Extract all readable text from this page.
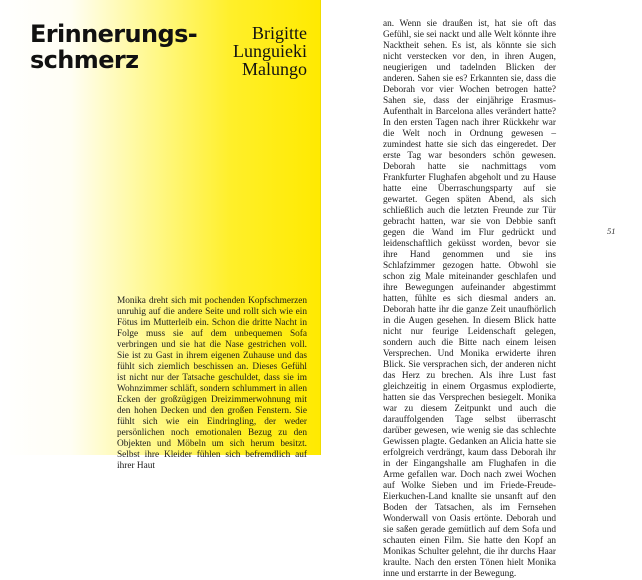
Erinnerungs-
schmerz
Brigitte
Lunguieki
Malungo
Monika dreht sich mit pochenden Kopfschmerzen unruhig auf die andere Seite und rollt sich wie ein Fötus im Mutterleib ein. Schon die dritte Nacht in Folge muss sie auf dem unbequemen Sofa verbringen und sie hat die Nase gestrichen voll. Sie ist zu Gast in ihrem eigenen Zuhause und das fühlt sich ziemlich beschissen an. Dieses Gefühl ist nicht nur der Tatsache geschuldet, dass sie im Wohnzimmer schläft, sondern schlummert in allen Ecken der großzügigen Dreizimmerwohnung mit den hohen Decken und den großen Fenstern. Sie fühlt sich wie ein Eindringling, der weder persönlichen noch emotionalen Bezug zu den Objekten und Möbeln um sich herum besitzt. Selbst ihre Kleider fühlen sich befremdlich auf ihrer Haut
an. Wenn sie draußen ist, hat sie oft das Gefühl, sie sei nackt und alle Welt könnte ihre Nacktheit sehen. Es ist, als könnte sie sich nicht verstecken vor den, in ihren Augen, neugierigen und tadelnden Blicken der anderen. Sahen sie es? Erkannten sie, dass die Deborah vor vier Wochen betrogen hatte? Sahen sie, dass der einjährige Erasmus-Aufenthalt in Barcelona alles verändert hatte? In den ersten Tagen nach ihrer Rückkehr war die Welt noch in Ordnung gewesen – zumindest hatte sie sich das eingeredet. Der erste Tag war besonders schön gewesen. Deborah hatte sie nachmittags vom Frankfurter Flughafen abgeholt und zu Hause hatte eine Überraschungsparty auf sie gewartet. Gegen späten Abend, als sich schließlich auch die letzten Freunde zur Tür gebracht hatten, war sie von Debbie sanft gegen die Wand im Flur gedrückt und leidenschaftlich geküsst worden, bevor sie ihre Hand genommen und sie ins Schlafzimmer gezogen hatte. Obwohl sie schon zig Male miteinander geschlafen und ihre Bewegungen aufeinander abgestimmt hatten, fühlte es sich diesmal anders an. Deborah hatte ihr die ganze Zeit unaufhörlich in die Augen gesehen. In diesem Blick hatte nicht nur feurige Leidenschaft gelegen, sondern auch die Bitte nach einem leisen Versprechen. Und Monika erwiderte ihren Blick. Sie versprachen sich, der anderen nicht das Herz zu brechen. Als ihre Lust fast gleichzeitig in einem Orgasmus explodierte, hatten sie das Versprechen besiegelt. Monika war zu diesem Zeitpunkt und auch die darauffolgenden Tage selbst überrascht darüber gewesen, wie wenig sie das schlechte Gewissen plagte. Gedanken an Alicia hatte sie erfolgreich verdrängt, kaum dass Deborah ihr in der Eingangshalle am Flughafen in die Arme gefallen war. Doch nach zwei Wochen auf Wolke Sieben und im Friede-Freude-Eierkuchen-Land knallte sie unsanft auf den Boden der Tatsachen, als im Fernsehen Wonderwall von Oasis ertönte. Deborah und sie saßen gerade gemütlich auf dem Sofa und schauten einen Film. Sie hatte den Kopf an Monikas Schulter gelehnt, die ihr durchs Haar kraulte. Nach den ersten Tönen hielt Monika inne und erstarrte in der Bewegung.
51
